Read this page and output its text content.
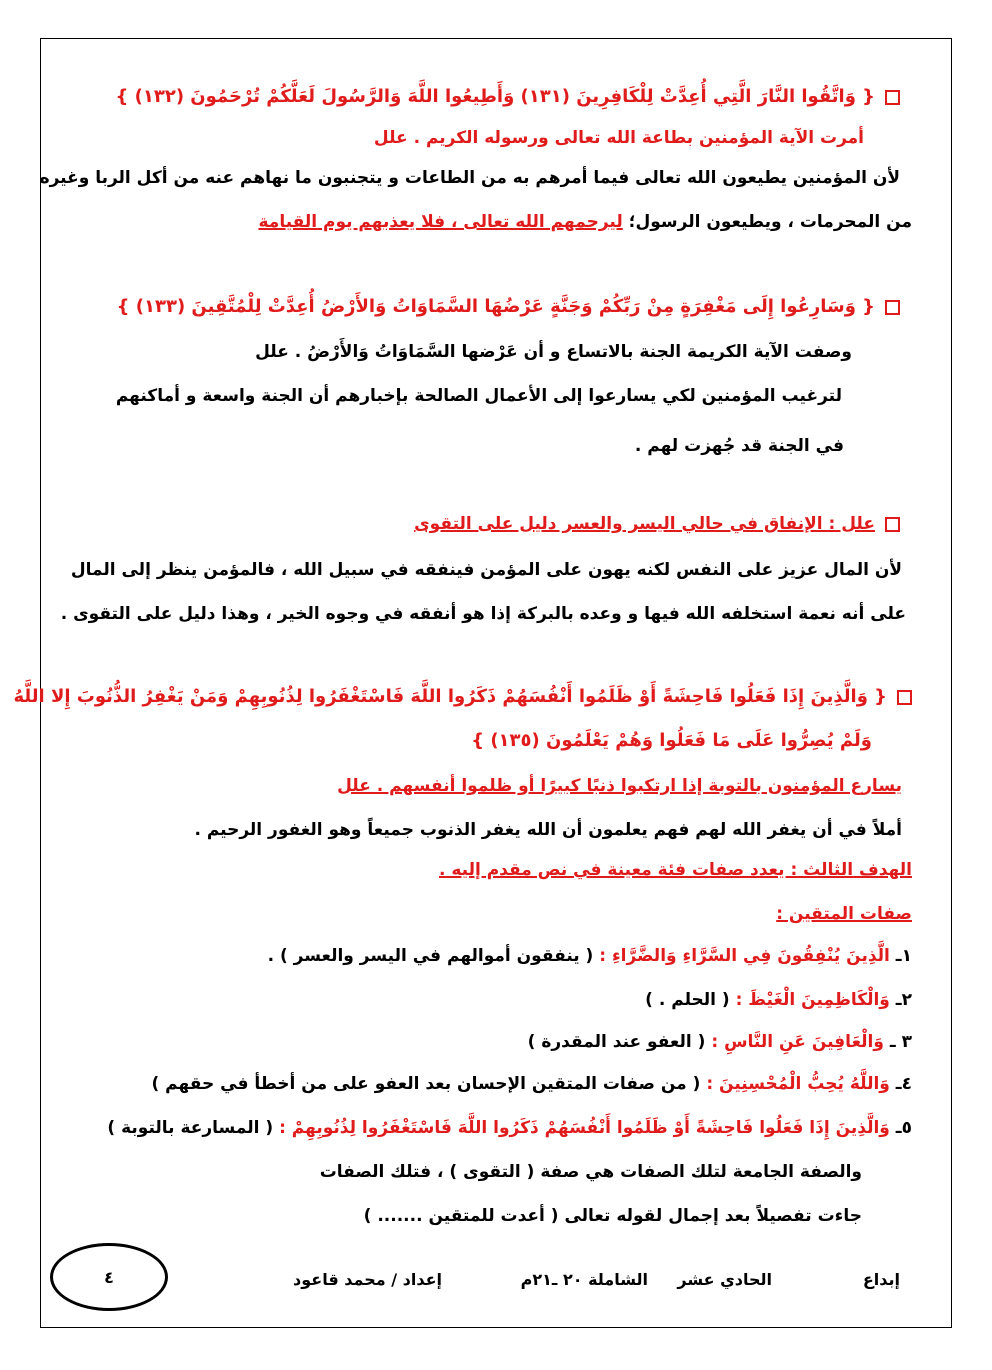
{ وَاتَّقُوا النَّارَ الَّتِي أُعِدَّتْ لِلْكَافِرِينَ (١٣١) وَأَطِيعُوا اللَّهَ وَالرَّسُولَ لَعَلَّكُمْ تُرْحَمُونَ (١٣٢) }
أمرت الآية المؤمنين بطاعة الله تعالى ورسوله الكريم . علل
لأن المؤمنين يطيعون الله تعالى فيما أمرهم به من الطاعات و يتجنبون ما نهاهم عنه من أكل الربا وغيره
من المحرمات ، ويطيعون الرسول؛ ليرحمهم الله تعالى ، فلا يعذبهم يوم القيامة
{ وَسَارِعُوا إِلَى مَغْفِرَةٍ مِنْ رَبِّكُمْ وَجَنَّةٍ عَرْضُهَا السَّمَاوَاتُ وَالأَرْضُ أُعِدَّتْ لِلْمُتَّقِينَ (١٣٣) }
وصفت الآية الكريمة الجنة بالاتساع و أن عَرْضها السَّمَاوَاتُ وَالأَرْضُ . علل
لترغيب المؤمنين لكي يسارعوا إلى الأعمال الصالحة بإخبارهم أن الجنة واسعة و أماكنهم
في الجنة قد جُهزت لهم .
علل : الإنفاق في حالي اليسر والعسر دليل على التقوى
لأن المال عزيز على النفس لكنه يهون على المؤمن فينفقه في سبيل الله ، فالمؤمن ينظر إلى المال
على أنه نعمة استخلفه الله فيها و وعده بالبركة إذا هو أنفقه في وجوه الخير ، وهذا دليل على التقوى .
{ وَالَّذِينَ إِذَا فَعَلُوا فَاحِشَةً أَوْ ظَلَمُوا أَنْفُسَهُمْ ذَكَرُوا اللَّهَ فَاسْتَغْفَرُوا لِذُنُوبِهِمْ وَمَنْ يَغْفِرُ الذُّنُوبَ إِلا اللَّهُ
وَلَمْ يُصِرُّوا عَلَى مَا فَعَلُوا وَهُمْ يَعْلَمُونَ (١٣٥) }
يسارع المؤمنون بالتوبة إذا ارتكبوا ذنبًا كبيرًا أو ظلموا أنفسهم . علل
أملاً في أن يغفر الله لهم فهم يعلمون أن الله يغفر الذنوب جميعاً وهو الغفور الرحيم .
الهدف الثالث : يعدد صفات فئة معينة في نص مقدم إليه .
صفات المتقين :
١ـ الَّذِينَ يُنْفِقُونَ فِي السَّرَّاءِ وَالضَّرَّاءِ : ( ينفقون أموالهم في اليسر والعسر ) .
٢ـ وَالْكَاظِمِينَ الْغَيْظَ : ( الحلم . )
٣ ـ وَالْعَافِينَ عَنِ النَّاسِ : ( العفو عند المقدرة )
٤ـ وَاللَّهُ يُحِبُّ الْمُحْسِنِينَ : ( من صفات المتقين الإحسان بعد العفو على من أخطأ في حقهم )
٥ـ وَالَّذِينَ إِذَا فَعَلُوا فَاحِشَةً أَوْ ظَلَمُوا أَنْفُسَهُمْ ذَكَرُوا اللَّهَ فَاسْتَغْفَرُوا لِذُنُوبِهِمْ : ( المسارعة بالتوبة )
والصفة الجامعة لتلك الصفات هي صفة ( التقوى ) ، فتلك الصفات
جاءت تفصيلاً بعد إجمال لقوله تعالى ( أعدت للمتقين ....... )
إبداع
الحادي عشر
الشاملة ٢٠ ـ٢١م
إعداد / محمد قاعود
٤
